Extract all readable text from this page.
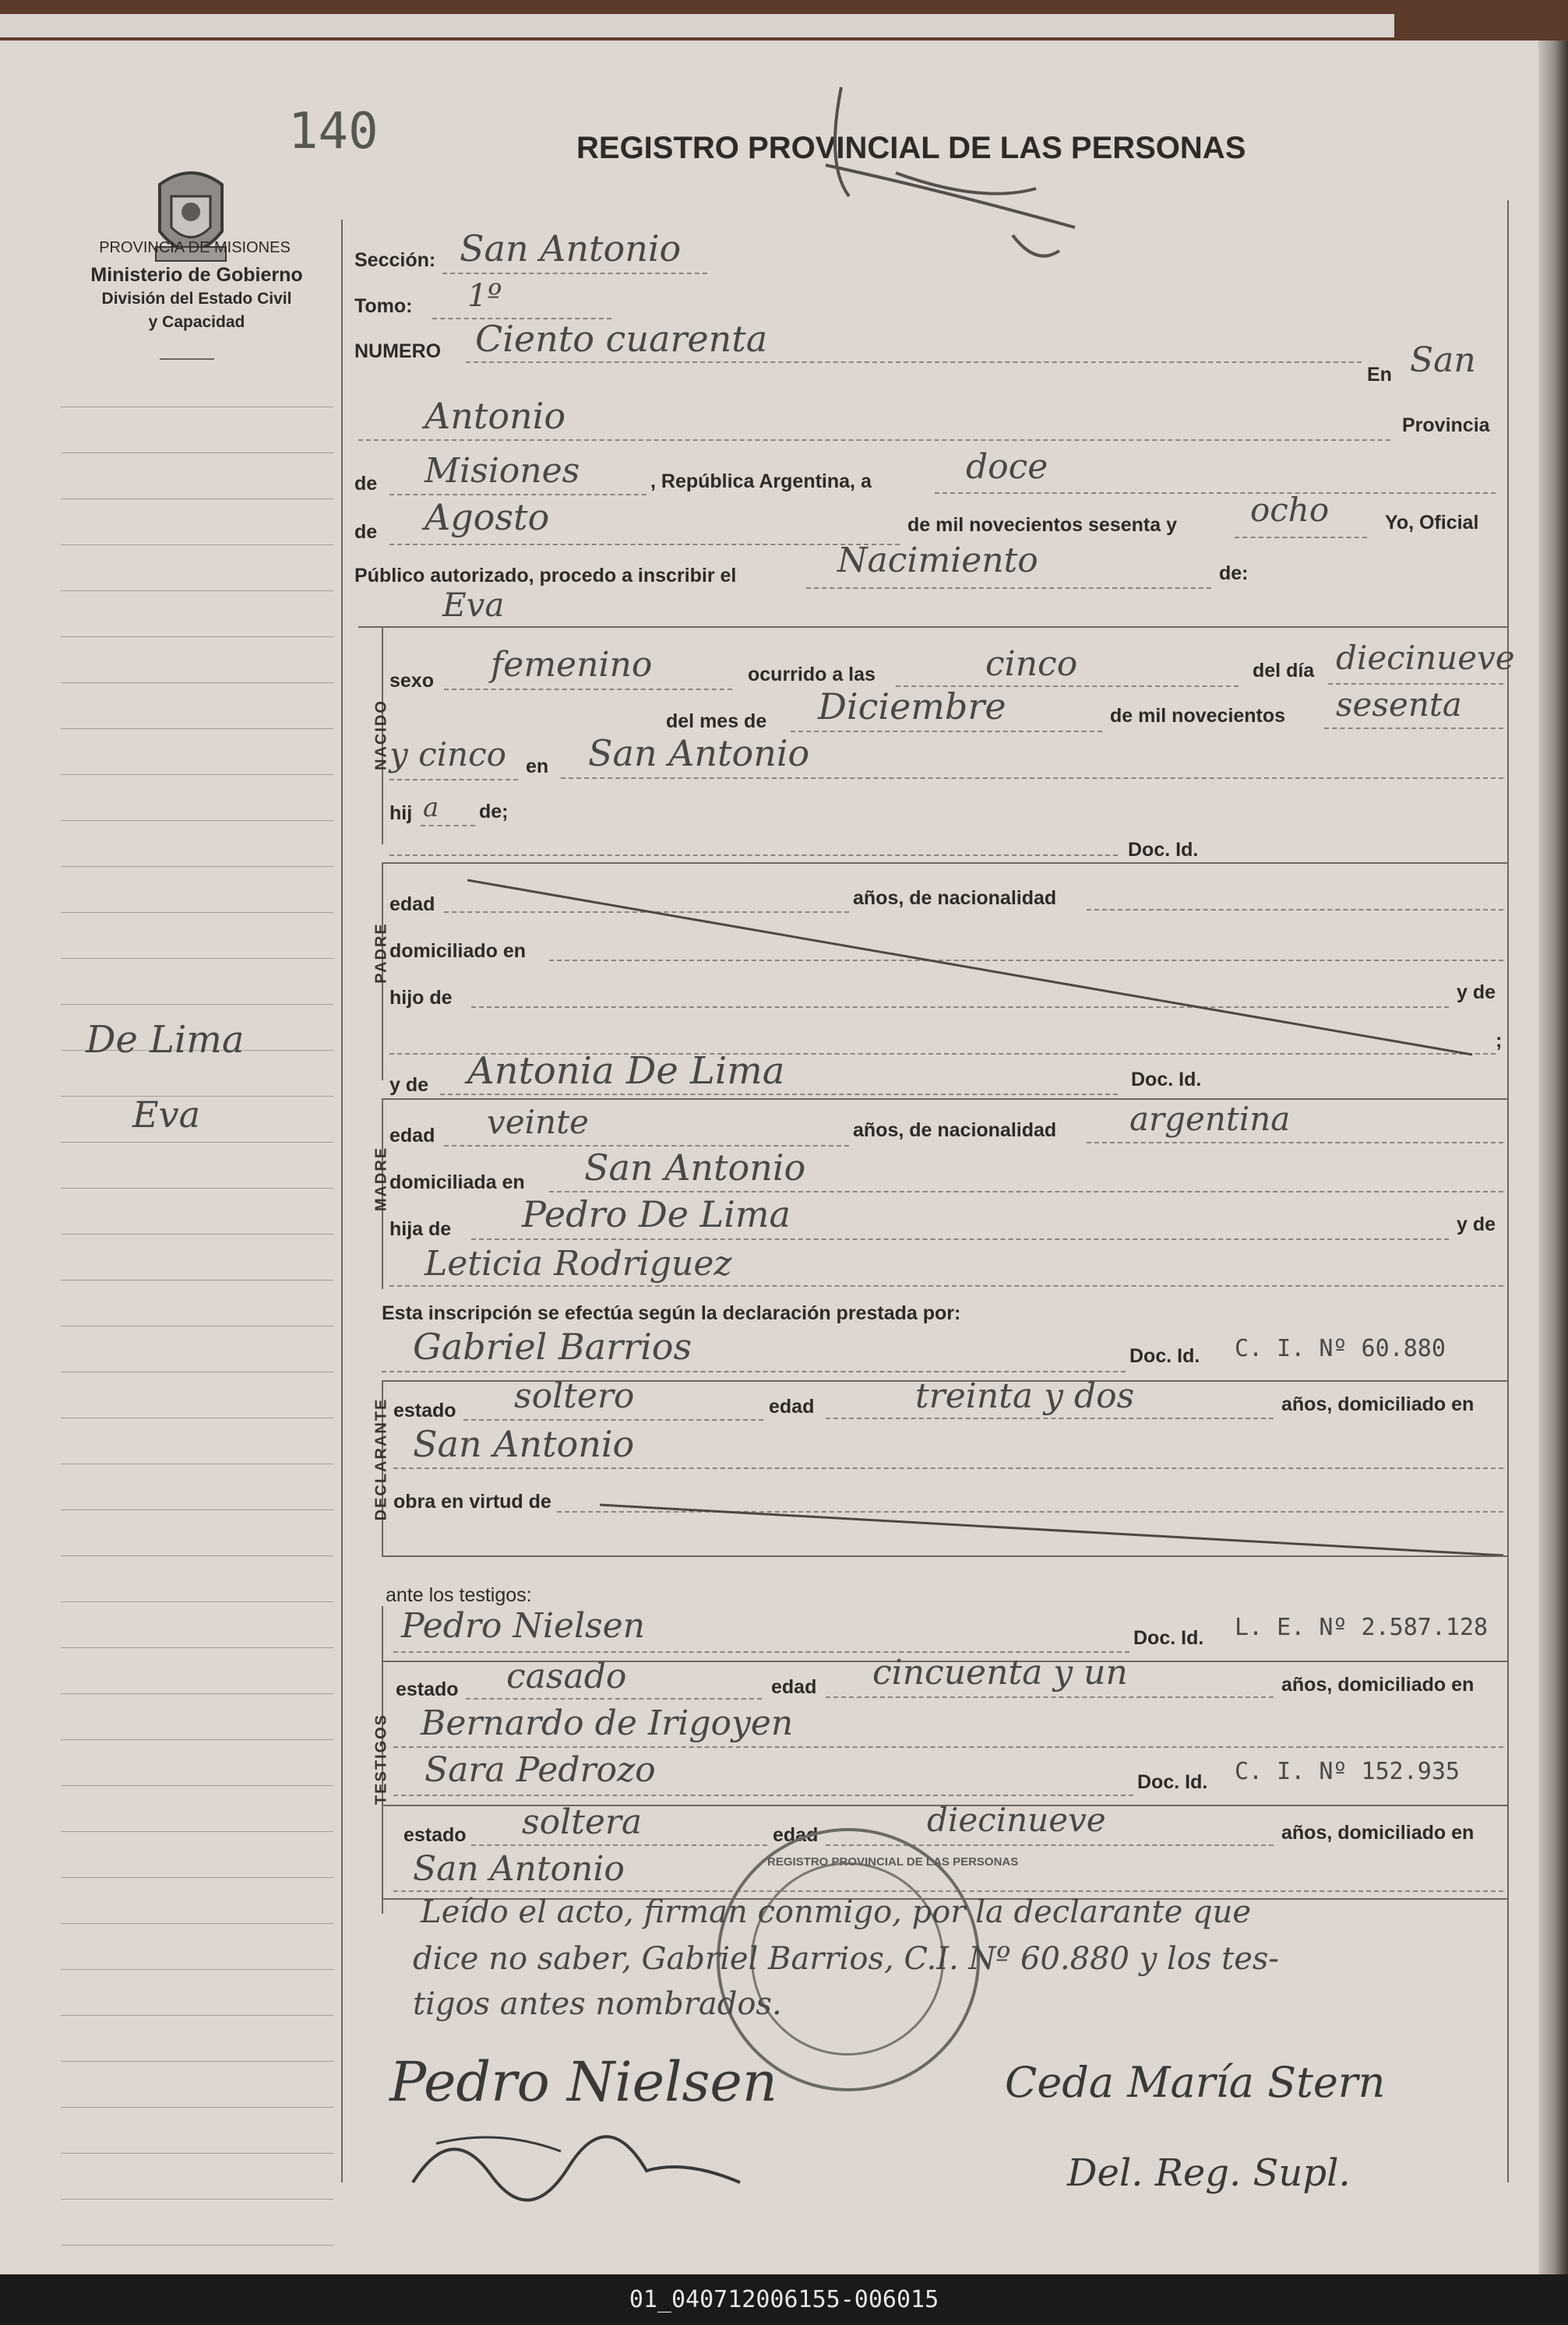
140	REGISTRO PROVINCIAL DE LAS PERSONAS
PROVINCIA DE MISIONES
Ministerio de Gobierno
División del Estado Civil
y Capacidad
De Lima
Eva
Sección: San Antonio
Tomo: 1º
NUMERO Ciento cuarenta
En San
Antonio	Provincia
de Misiones	, República Argentina, a	doce
de Agosto	de mil novecientos sesenta y ocho	Yo, Oficial
Público autorizado, procedo a inscribir el	Nacimiento	de:
Eva
NACIDO
sexo femenino	ocurrido a las	cinco	del día diecinueve
del mes de Diciembre	de mil novecientos sesenta
y cinco en San Antonio
hij a de;
Doc. Id.
PADRE
edad	años, de nacionalidad
domiciliado en
hijo de	y de
;
y de Antonia De Lima	Doc. Id.
MADRE
edad veinte	años, de nacionalidad argentina
domiciliada en San Antonio
hija de Pedro De Lima	y de
Leticia Rodriguez
Esta inscripción se efectúa según la declaración prestada por:
Gabriel Barrios	Doc. Id. C. I. Nº 60.880
DECLARANTE estado soltero	edad	treinta y dos	años, domiciliado en
San Antonio
obra en virtud de
ante los testigos:
TESTIGOS
Pedro Nielsen	Doc. Id. L. E. Nº 2.587.128
estado casado	edad cincuenta y un	años, domiciliado en
Bernardo de Irigoyen
Sara Pedrozo	Doc. Id. C. I. Nº 152.935
estado soltera	edad	diecinueve	años, domiciliado en
San Antonio	REGISTRO PROVINCIAL DE LAS PERSONAS
Leído el acto, firman conmigo, por la declarante que
dice no saber, Gabriel Barrios, C.I. Nº 60.880 y los tes-
tigos antes nombrados.
Pedro Nielsen	Ceda María Stern
Del. Reg. Supl.
01_040712006155-006015
